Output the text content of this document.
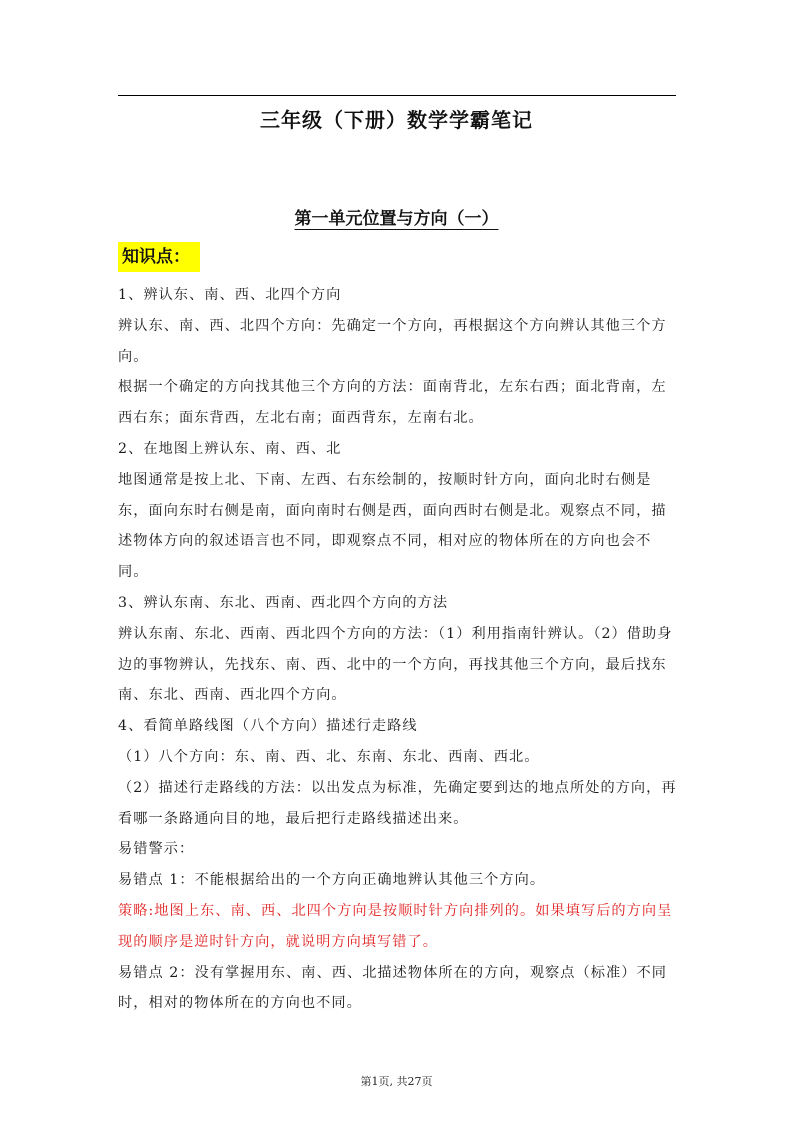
三年级（下册）数学学霸笔记
第一单元位置与方向（一）
知识点：

1、辨认东、南、西、北四个方向

辨认东、南、西、北四个方向：先确定一个方向，再根据这个方向辨认其他三个方向。

根据一个确定的方向找其他三个方向的方法：面南背北，左东右西；面北背南，左西右东；面东背西，左北右南；面西背东，左南右北。

2、在地图上辨认东、南、西、北

地图通常是按上北、下南、左西、右东绘制的，按顺时针方向，面向北时右侧是东，面向东时右侧是南，面向南时右侧是西，面向西时右侧是北。观察点不同，描述物体方向的叙述语言也不同，即观察点不同，相对应的物体所在的方向也会不同。

3、辨认东南、东北、西南、西北四个方向的方法

辨认东南、东北、西南、西北四个方向的方法：（1）利用指南针辨认。（2）借助身边的事物辨认，先找东、南、西、北中的一个方向，再找其他三个方向，最后找东南、东北、西南、西北四个方向。

4、看简单路线图（八个方向）描述行走路线

（1）八个方向：东、南、西、北、东南、东北、西南、西北。

（2）描述行走路线的方法：以出发点为标准，先确定要到达的地点所处的方向，再看哪一条路通向目的地，最后把行走路线描述出来。

易错警示：

易错点 1：不能根据给出的一个方向正确地辨认其他三个方向。

策略:地图上东、南、西、北四个方向是按顺时针方向排列的。如果填写后的方向呈现的顺序是逆时针方向，就说明方向填写错了。

易错点 2：没有掌握用东、南、西、北描述物体所在的方向，观察点（标准）不同时，相对的物体所在的方向也不同。

第1页, 共27页
